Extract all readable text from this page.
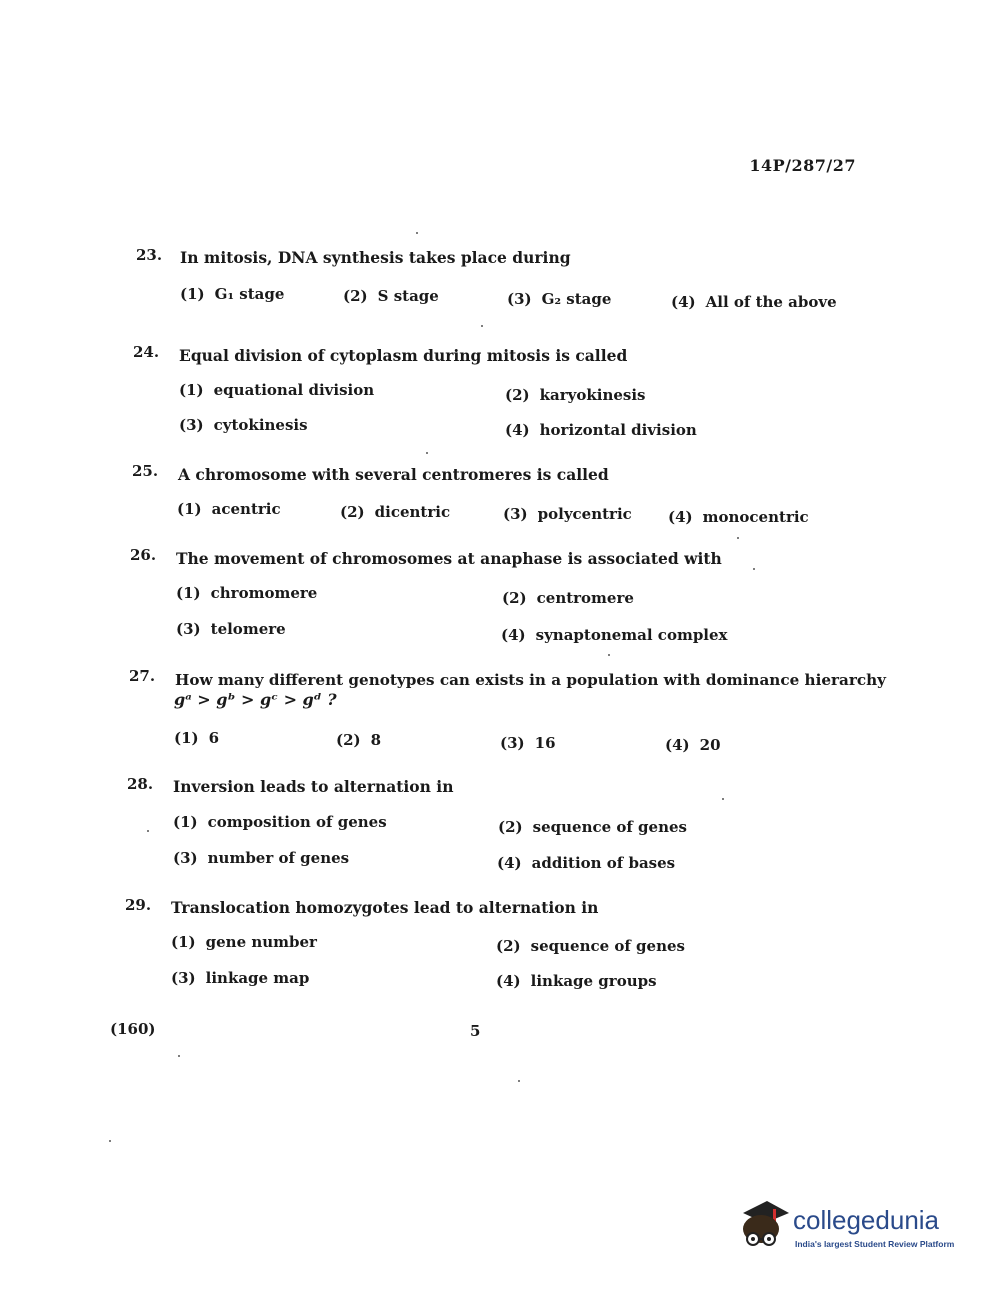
14P/287/27
23. In mitosis, DNA synthesis takes place during
(1) G₁ stage	(2) S stage	(3) G₂ stage	(4) All of the above
24. Equal division of cytoplasm during mitosis is called
(1) equational division	(2) karyokinesis
(3) cytokinesis	(4) horizontal division
25. A chromosome with several centromeres is called
(1) acentric	(2) dicentric	(3) polycentric (4) monocentric
26. The movement of chromosomes at anaphase is associated with
(1) chromomere	(2) centromere
(3) telomere	(4) synaptonemal complex
27. How many different genotypes can exists in a population with dominance hierarchy
gᵃ > gᵇ > gᶜ > gᵈ ?
(1) 6	(2) 8	(3) 16	(4) 20
28. Inversion leads to alternation in
(1) composition of genes	(2) sequence of genes
(3) number of genes	(4) addition of bases
29. Translocation homozygotes lead to alternation in
(1) gene number	(2) sequence of genes
(3) linkage map	(4) linkage groups
(160)	5
collegedunia
India's largest Student Review Platform
